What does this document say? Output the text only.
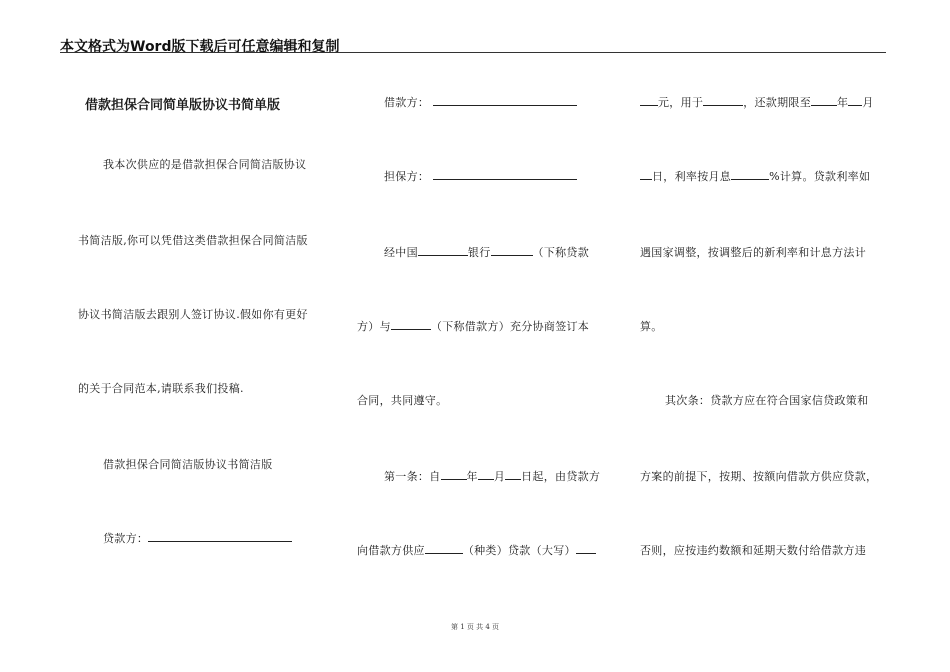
本文格式为Word版下载后可任意编辑和复制
借款担保合同简单版协议书简单版
我本次供应的是借款担保合同简洁版协议
书简洁版,你可以凭借这类借款担保合同简洁版
协议书简洁版去跟别人签订协议.假如你有更好
的关于合同范本,请联系我们投稿.
借款担保合同简洁版协议书简洁版
贷款方：
借款方：
担保方：
经中国	银行	（下称贷款
方）与	（下称借款方）充分协商签订本
合同，共同遵守。
第一条：自 年 月 日起，由贷款方
向借款方供应	（种类）贷款（大写）
元，用于	，还款期限至 年 月
日，利率按月息	%计算。贷款利率如
遇国家调整，按调整后的新利率和计息方法计
算。
其次条：贷款方应在符合国家信贷政策和
方案的前提下，按期、按额向借款方供应贷款，
否则，应按违约数额和延期天数付给借款方违
第 1 页 共 4 页
